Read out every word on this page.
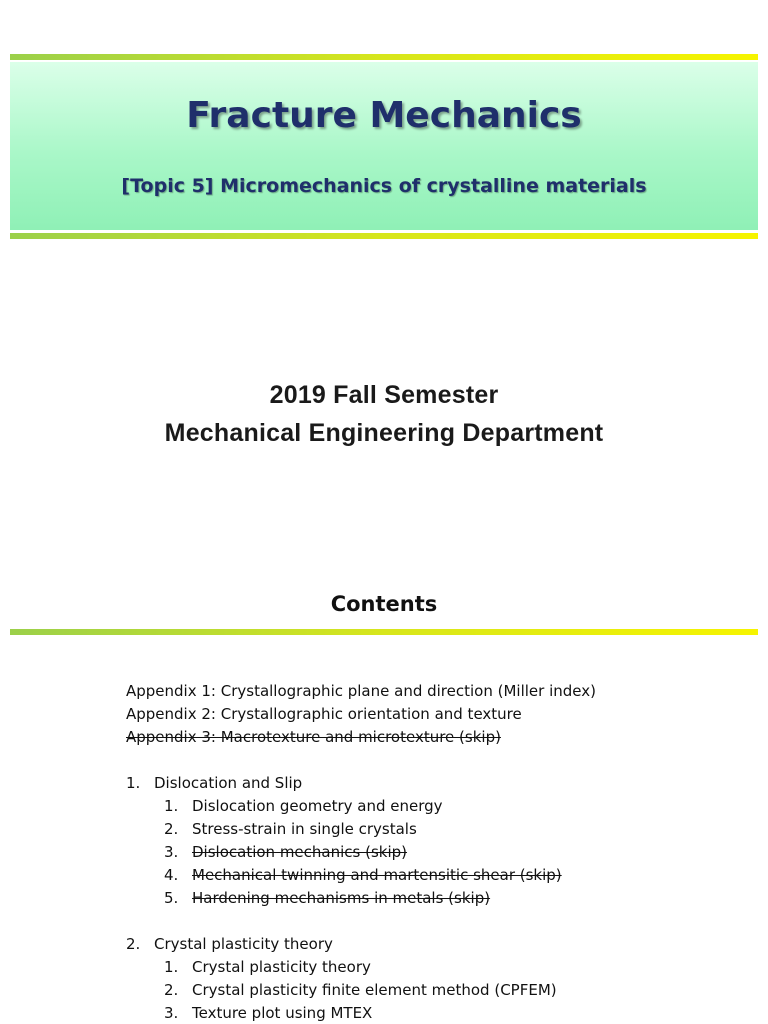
Fracture Mechanics
[Topic 5] Micromechanics of crystalline materials

2019 Fall Semester

Mechanical Engineering Department

Contents
Appendix 1: Crystallographic plane and direction (Miller index)
Appendix 2: Crystallographic orientation and texture
Appendix 3: Macrotexture and microtexture (skip)
1. Dislocation and Slip
1. Dislocation geometry and energy
2. Stress-strain in single crystals
3. Dislocation mechanics (skip)
4. Mechanical twinning and martensitic shear (skip)
5. Hardening mechanisms in metals (skip)
2. Crystal plasticity theory
1. Crystal plasticity theory
2. Crystal plasticity finite element method (CPFEM)
3. Texture plot using MTEX
